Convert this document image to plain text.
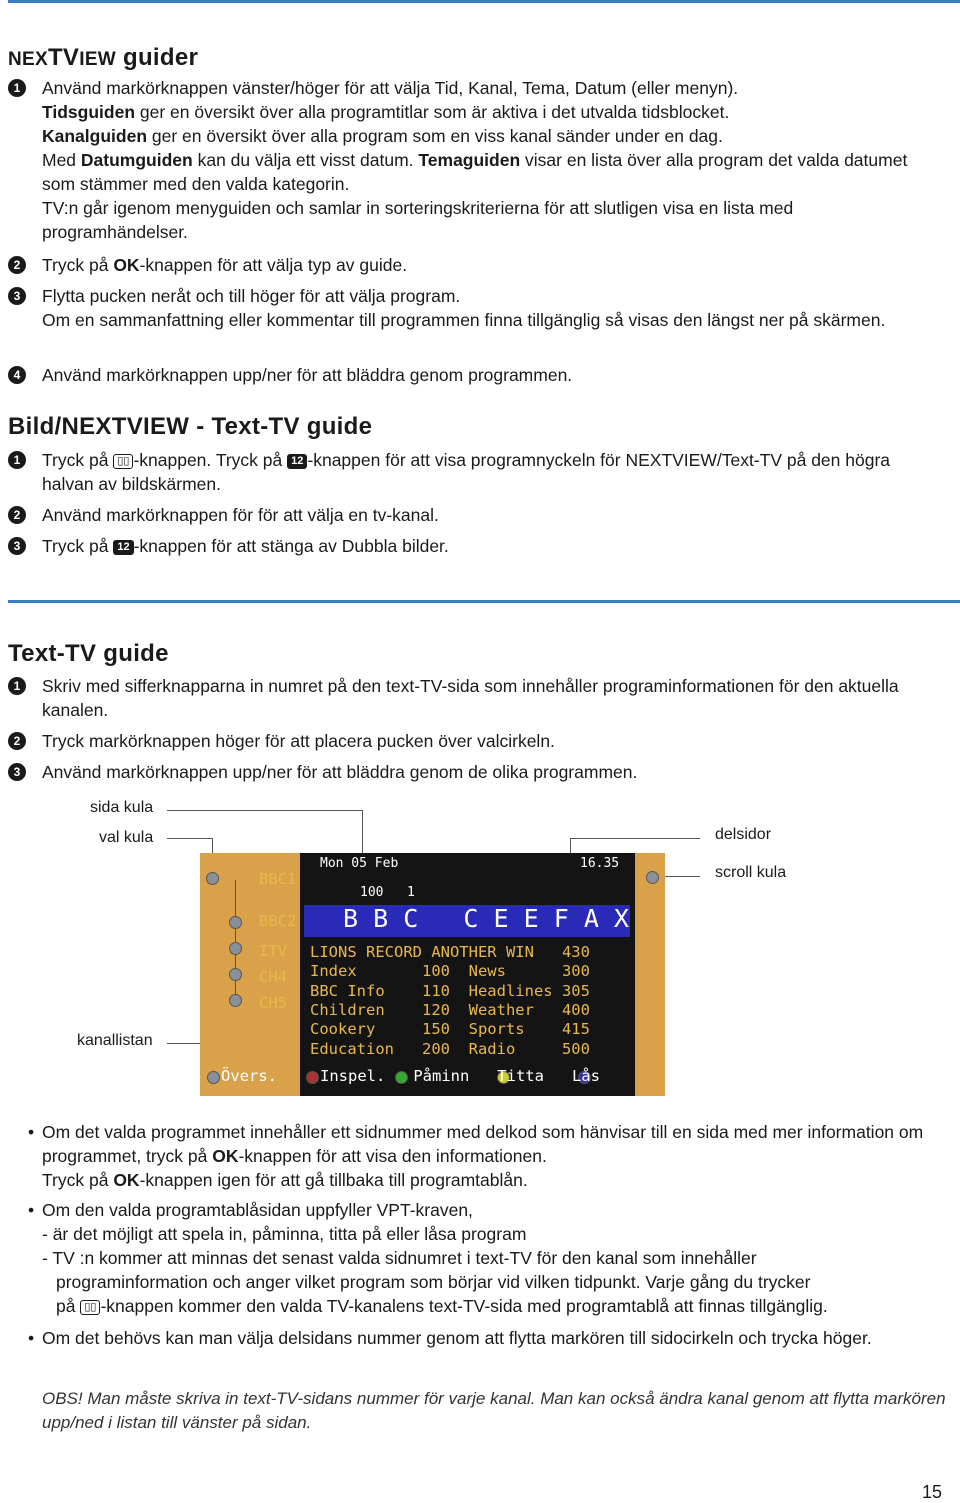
NEXTVIEW guider
1	Använd markörknappen vänster/höger för att välja Tid, Kanal, Tema, Datum (eller menyn).

Tidsguiden ger en översikt över alla programtitlar som är aktiva i det utvalda tidsblocket.

Kanalguiden ger en översikt över alla program som en viss kanal sänder under en dag.

Med Datumguiden kan du välja ett visst datum. Temaguiden visar en lista över alla program det valda datumet som stämmer med den valda kategorin.

TV:n går igenom menyguiden och samlar in sorteringskriterierna för att slutligen visa en lista med programhändelser.

2	Tryck på OK-knappen för att välja typ av guide.

3	Flytta pucken neråt och till höger för att välja program.

Om en sammanfattning eller kommentar till programmen finna tillgänglig så visas den längst ner på skärmen.

4	Använd markörknappen upp/ner för att bläddra genom programmen.

Bild/NEXTVIEW - Text-TV guide
1	Tryck på ▯▯ -knappen. Tryck på 12 -knappen för att visa programnyckeln för NEXTVIEW/Text-TV på den högra halvan av bildskärmen.

2	Använd markörknappen för för att välja en tv-kanal.

3	Tryck på 12 -knappen för att stänga av Dubbla bilder.

Text-TV guide
1	Skriv med sifferknapparna in numret på den text-TV-sida som innehåller programinformationen för den aktuella kanalen.

2	Tryck markörknappen höger för att placera pucken över valcirkeln.

3	Använd markörknappen upp/ner för att bläddra genom de olika programmen.

sida kula
val kula	delsidor
scroll kula
kanallistan
BBC1
BBC2
ITV
CH4
CH5
Mon 05 Feb	16.35
100   1
B B C   C E E F A X
LIONS RECORD ANOTHER WIN   430
Index       100  News      300
BBC Info    110  Headlines 305
Children    120  Weather   400
Cookery     150  Sports    415
Education   200  Radio     500
Övers.	Inspel.   Påminn   Titta   Lås
• Om det valda programmet innehåller ett sidnummer med delkod som hänvisar till en sida med mer information om programmet, tryck på OK-knappen för att visa den informationen.

Tryck på OK-knappen igen för att gå tillbaka till programtablån.

• Om den valda programtablåsidan uppfyller VPT-kraven,

- är det möjligt att spela in, påminna, titta på eller låsa program

- TV :n kommer att minnas det senast valda sidnumret i text-TV för den kanal som innehåller

programinformation och anger vilket program som börjar vid vilken tidpunkt. Varje gång du trycker

på ▯▯ -knappen kommer den valda TV-kanalens text-TV-sida med programtablå att finnas tillgänglig.

• Om det behövs kan man välja delsidans nummer genom att flytta markören till sidocirkeln och trycka höger.

OBS! Man måste skriva in text-TV-sidans nummer för varje kanal. Man kan också ändra kanal genom att flytta markören upp/ned i listan till vänster på sidan.
15
